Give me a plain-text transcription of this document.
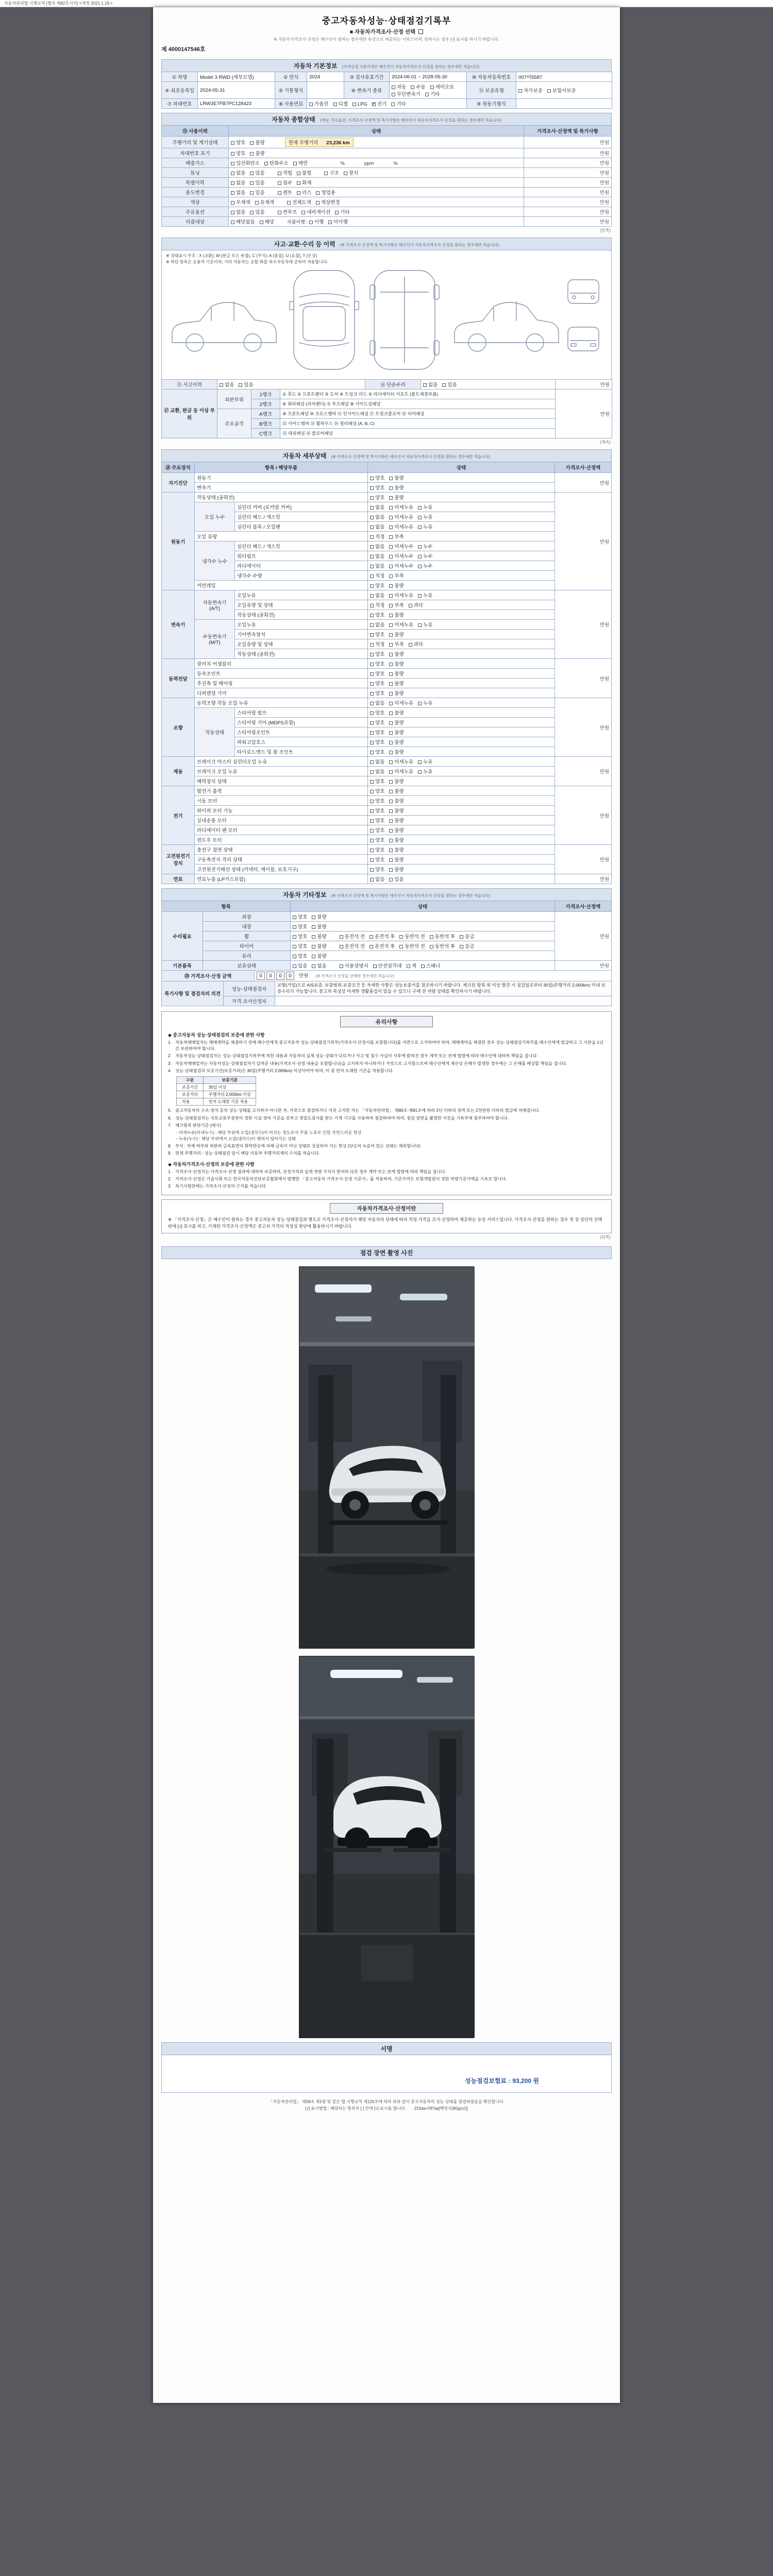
자동차관리법 시행규칙 [별지 제82호서식] <개정 2021.1.19.>
중고자동차성능·상태점검기록부
■ 자동차가격조사·산정 선택
※ 자동차가격조사·산정은 매수인이 원하는 경우에만 유상으로 제공되는 서비스이며, 원하시는 경우 [√] 표시를 하시기 바랍니다.
제 4000147546호
자동차 기본정보 (가격산정 기준가격은 매수인이 자동차가격조사·산정을 원하는 경우에만 적습니다)
① 차명	Model 3 RWD (세부모델)	② 연식	2024	③ 검사유효기간	2024-06-01 ~ 2028-05-30	⑩ 자동차등록번호	007머5587
④ 최초등록일	2024-05-31	⑤ 기통형식		⑥ 변속기 종류	자동 수동 세미오토무단변속기 기타	⑪ 보증유형	자가보증 보험사보증
⑦ 차대번호	LRW3E7FB7PC128423	⑧ 사용연료	가솔린 디젤 LPG ✓ 전기 기타			⑨ 원동기형식	
자동차 종합상태 (색상, 주요옵션, 가격조사·산정액 및 특기사항은 매수인이 자동차가격조사·산정을 원하는 경우에만 적습니다)
⑫ 사용이력	상태	가격조사·산정액 및 특기사항
주행거리 및 계기상태	양호 불량 현재 주행거리 23,236 km	만원
차대번호 표기	양호 불량	만원
배출가스	일산화탄소 탄화수소 매연 　　　%　　　　ppm　　　　%	만원
튜닝	없음 있음 적법 불법 구조 장치	만원
특별이력	없음 있음 침수 화재	만원
용도변경	없음 있음 렌트 리스 영업용	만원
색상	무채색 유채색 전체도색 색상변경	만원
주요옵션	없음 있음 썬루프 네비게이션 기타	만원
리콜대상	해당없음 해당 리콜이행 : 이행 미이행	만원
(앞쪽)
사고·교환·수리 등 이력 (※ 가격조사·산정액 및 특기사항은 매수인이 자동차가격조사·산정을 원하는 경우에만 적습니다)
※ 상태표시 부호 : X (교환), W (판금 또는 용접), C (부식), A (흠집), U (요철), T (손상)
※ 하단 항목은 승용차 기준이며, 기타 자동차는 승합·화물·특수자동차에 준하여 적용합니다.
⑮ 사고이력	없음 있음	⑯ 단순수리	없음 있음	만원
⑰ 교환, 판금 등 이상 부위	외판부위	1랭크	① 후드 ② 프론트펜더 ③ 도어 ④ 트렁크 리드 ⑤ 라디에이터 서포트 (볼트체결부품)	만원
		2랭크	⑥ 쿼터패널 (리어펜더) ⑦ 루프패널 ⑧ 사이드실패널	
	주요골격	A랭크	⑨ 프론트패널 ⑩ 크로스멤버 ⑪ 인사이드패널 ⑰ 트렁크플로어 ⑱ 리어패널	
		B랭크	⑫ 사이드멤버 ⑬ 휠하우스 ⑭ 필러패널 (A, B, C)	
		C랭크	⑮ 대쉬패널 ⑯ 플로어패널	
(계속)
자동차 세부상태 (※ 가격조사·산정액 및 특기사항은 매수인이 자동차가격조사·산정을 원하는 경우에만 적습니다)
⑱ 주요장치	항목 / 해당부품		상태	가격조사·산정액
자기진단	원동기		양호 불량	만원
	변속기		양호 불량	
원동기	작동상태 (공회전)		양호 불량	만원
	오일 누수	실린더 커버 (로커암 커버)	없음 미세누유 누유	
		실린더 헤드 / 개스킷	없음 미세누유 누유	
		실린더 블록 / 오일팬	없음 미세누유 누유	
	오일 유량		적정 부족	
	냉각수 누수	실린더 헤드 / 개스킷	없음 미세누수 누수	
		워터펌프	없음 미세누수 누수	
		라디에이터	없음 미세누수 누수	
		냉각수 수량	적정 부족	
	커먼레일		양호 불량	
변속기	자동변속기 (A/T)	오일누유	없음 미세누유 누유	만원
		오일유량 및 상태	적정 부족 과다	
		작동상태 (공회전)	양호 불량	
	수동변속기 (M/T)	오일누유	없음 미세누유 누유	
		기어변속장치	양호 불량	
		오일유량 및 상태	적정 부족 과다	
		작동상태 (공회전)	양호 불량	
동력전달	클러치 어셈블리		양호 불량	만원
	등속조인트		양호 불량	
	추진축 및 베어링		양호 불량	
	디퍼렌셜 기어		양호 불량	
조향	동력조향 작동 오일 누유		없음 미세누유 누유	만원
	작동상태	스티어링 펌프	양호 불량	
		스티어링 기어 (MDPS포함)	양호 불량	
		스티어링조인트	양호 불량	
		파워고압호스	양호 불량	
		타이로드엔드 및 볼 조인트	양호 불량	
제동	브레이크 마스터 실린더오일 누유		없음 미세누유 누유	만원
	브레이크 오일 누유		없음 미세누유 누유	
	배력장치 상태		양호 불량	
전기	발전기 출력		양호 불량	만원
	시동 모터		양호 불량	
	와이퍼 모터 기능		양호 불량	
	실내송풍 모터		양호 불량	
	라디에이터 팬 모터		양호 불량	
	윈도우 모터		양호 불량	
고전원전기장치	충전구 절연 상태		양호 불량	만원
	구동축전지 격리 상태		양호 불량	
	고전원전기배선 상태 (커넥터, 케이블, 보호기구)		양호 불량	
연료	연료누출 (LP가스포함)		없음 있음	만원
자동차 기타정보 (※ 가격조사·산정액 및 특기사항은 매수인이 자동차가격조사·산정을 원하는 경우에만 적습니다)
항목		상태	가격조사·산정액
수리필요	외장	양호 불량	만원
	내장	양호 불량	
	휠	양호 불량 운전석 전 운전석 후 동반석 전 동반석 후 응급	
	타이어	양호 불량 운전석 전 운전석 후 동반석 전 동반석 후 응급	
	유리	양호 불량	
기본품목	보유상태	있음 없음 사용설명서 안전삼각대 잭 스패너	만원
⑳ 가격조사·산정 금액	0 0 0 0 만원 (※ 가격조사·산정을 선택한 경우에만 적습니다)
특기사항 및 점검자의 의견	성능·상태점검자	보험(가입)으로 A/S보증. 보증범위·보증조건 등 자세한 사항은 성능보증서를 참조하시기 바랍니다. 체크된 항목 외 이상 발견 시 점검일로부터 30일(주행거리 2,000km) 이내 보증수리가 가능합니다. 중고차 특성상 미세한 생활흠집이 있을 수 있으니 구매 전 차량 상태를 확인하시기 바랍니다.
	가격·조사산정자	
유의사항
◆ 중고자동차 성능·상태점검의 보증에 관한 사항
1. 자동차매매업자는 매매계약을 체결하기 전에 매수인에게 중고자동차 성능·상태점검기록부(가격조사·산정서를 포함합니다)를 서면으로 고지하여야 하며, 매매계약을 체결한 경우 성능·상태점검기록부를 매수인에게 발급하고 그 사본을 1년간 보관하여야 합니다.
2. 자동차성능·상태점검자는 성능·상태점검기록부에 적힌 내용과 자동차의 실제 성능·상태가 다르거나 사고 및 침수 사실이 사후에 밝혀진 경우 계약 또는 관계 법령에 따라 매수인에 대하여 책임을 집니다.
3. 자동차매매업자는 자동차성능·상태점검자가 알려준 내용(가격조사·산정 내용을 포함합니다)을 고지하지 아니하거나 거짓으로 고지함으로써 매수인에게 재산상 손해가 발생한 경우에는 그 손해를 배상할 책임을 집니다.
4. 성능·상태점검의 보증기간(보증거리)은 30일(주행거리 2,000km) 이상이어야 하며, 이 중 먼저 도래한 기준을 적용합니다.
구분	보증기준
보증기간	30일 이상
보증거리	주행거리 2,000km 이상
적용	먼저 도래한 기준 적용
5. 중고자동차의 구조·장치 등의 성능·상태를 고지하지 아니한 자, 거짓으로 점검하거나 거짓 고지한 자는 「자동차관리법」 제80조·제81조에 따라 2년 이하의 징역 또는 2천만원 이하의 벌금에 처해집니다.
6. 성능·상태점검자는 국토교통부장관이 정한 시설·장비 기준을 갖추고 정밀도검사를 받은 기계·기구를 사용하여 점검하여야 하며, 점검 장면을 촬영한 사진을 기록부에 첨부하여야 합니다.
7. 체크항목 판단기준 (예시)
- 미세누유(미세누수) : 해당 부위에 오일(냉각수)이 비치는 정도로서 부품 노후로 인한 자연스러운 현상
- 누유(누수) : 해당 부위에서 오일(냉각수)이 맺혀서 떨어지는 상태
8. 부식 : 차체 하부와 외판의 금속표면이 화학반응에 의해 금속이 아닌 상태로 상실되어 가는 현상 (단순히 녹슬어 있는 상태는 제외합니다)
9. 현재 주행거리 : 성능·상태점검 당시 해당 자동차 주행거리계의 수치를 적습니다.
◆ 자동차가격조사·산정의 보증에 관한 사항
1. 가격조사·산정자는 가격조사·산정 결과에 대하여 보증하며, 산정가격과 실제 차량 가치가 현저히 다른 경우 계약 또는 관계 법령에 따라 책임을 집니다.
2. 가격조사·산정은 기술사회 또는 한국자동차진단보증협회에서 발행한 「중고자동차 가격조사·산정 기준서」를 적용하며, 기준가격은 보험개발원이 정한 차량기준가액을 기초로 합니다.
3. 특기사항란에는 가격조사·산정의 근거를 적습니다.
자동차가격조사·산정이란
※ 「가격조사·산정」은 매수인이 원하는 경우 중고자동차 성능·상태점검과 별도로 가격조사·산정자가 해당 자동차의 상태에 따라 적정 가격을 조사·산정하여 제공하는 유상 서비스입니다. 가격조사·산정을 원하는 경우 첫 장 상단의 선택란에 [√] 표시를 하고, 기재된 가격조사·산정액은 중고차 가격의 적정성 판단에 활용하시기 바랍니다.
(뒤쪽)
점검 장면 촬영 사진
서명
성능점검보험료 : 93,200 원
「자동차관리법」 제58조 제1항 및 같은 법 시행규칙 제120조에 따라 위와 같이 중고자동차의 성능·상태를 점검하였음을 확인합니다.
[√] 표시방법 : 해당되는 항목의 [ ] 안에 [√] 표시를 합니다.　　210㎜×297㎜[백상지(80g/㎡)]
